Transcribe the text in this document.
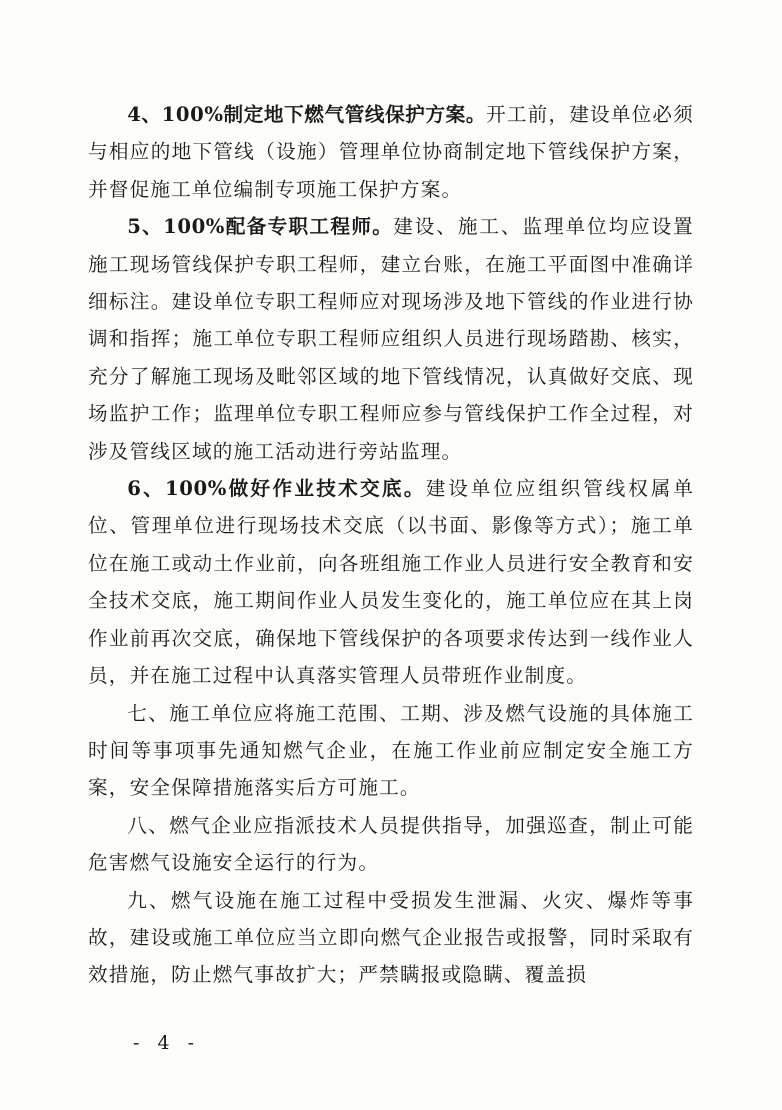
4、100%制定地下燃气管线保护方案。开工前，建设单位必须与相应的地下管线（设施）管理单位协商制定地下管线保护方案，并督促施工单位编制专项施工保护方案。

5、100%配备专职工程师。建设、施工、监理单位均应设置施工现场管线保护专职工程师，建立台账，在施工平面图中准确详细标注。建设单位专职工程师应对现场涉及地下管线的作业进行协调和指挥；施工单位专职工程师应组织人员进行现场踏勘、核实，充分了解施工现场及毗邻区域的地下管线情况，认真做好交底、现场监护工作；监理单位专职工程师应参与管线保护工作全过程，对涉及管线区域的施工活动进行旁站监理。

6、100%做好作业技术交底。建设单位应组织管线权属单位、管理单位进行现场技术交底（以书面、影像等方式）；施工单位在施工或动土作业前，向各班组施工作业人员进行安全教育和安全技术交底，施工期间作业人员发生变化的，施工单位应在其上岗作业前再次交底，确保地下管线保护的各项要求传达到一线作业人员，并在施工过程中认真落实管理人员带班作业制度。

七、施工单位应将施工范围、工期、涉及燃气设施的具体施工时间等事项事先通知燃气企业，在施工作业前应制定安全施工方案，安全保障措施落实后方可施工。

八、燃气企业应指派技术人员提供指导，加强巡查，制止可能危害燃气设施安全运行的行为。

九、燃气设施在施工过程中受损发生泄漏、火灾、爆炸等事故，建设或施工单位应当立即向燃气企业报告或报警，同时采取有效措施，防止燃气事故扩大；严禁瞒报或隐瞒、覆盖损

- 4 -
